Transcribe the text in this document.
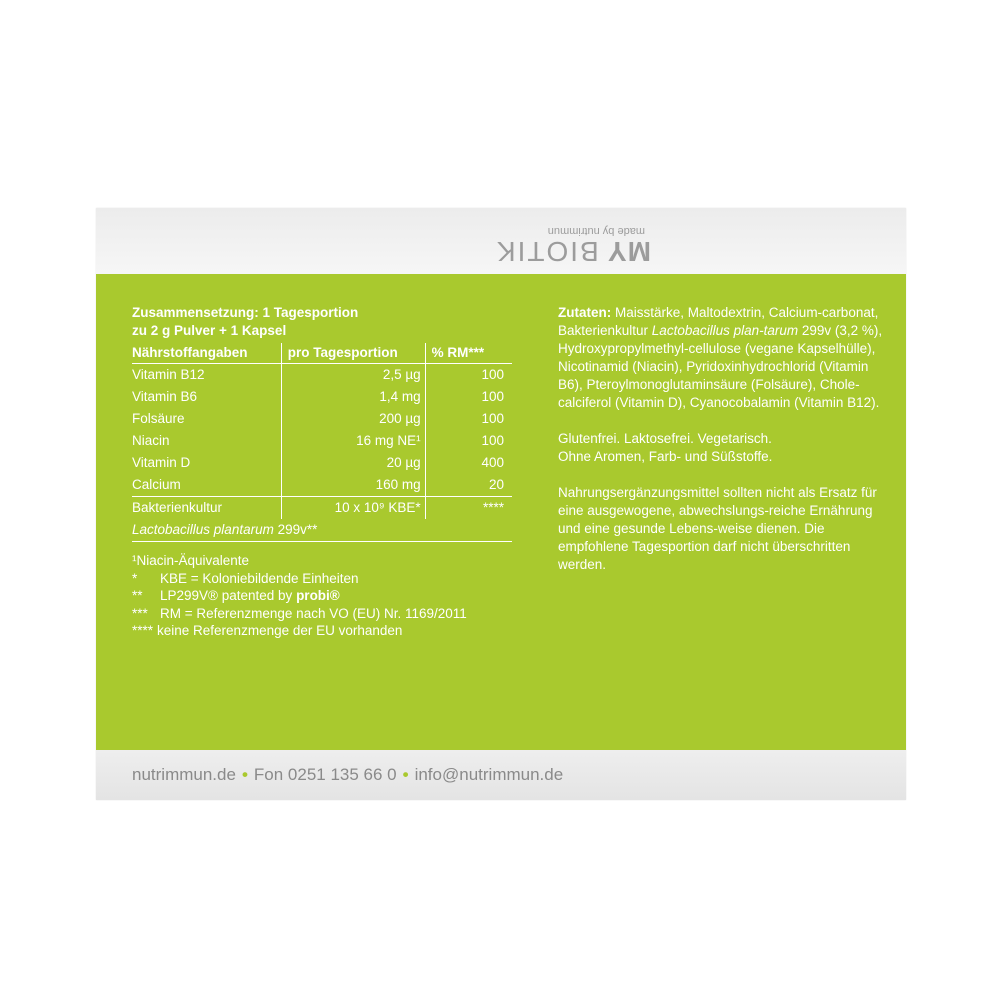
MY BIOTIK
made by nutrimmun
Zusammensetzung: 1 Tagesportion
zu 2 g Pulver + 1 Kapsel
Nährstoffangaben	pro Tagesportion	% RM***
Vitamin B12	2,5 µg	100
Vitamin B6	1,4 mg	100
Folsäure	200 µg	100
Niacin	16 mg NE¹	100
Vitamin D	20 µg	400
Calcium	160 mg	20
Bakterienkultur	10 x 10⁹ KBE*	****
Lactobacillus plantarum 299v**		
¹ Niacin-Äquivalente
*	KBE = Koloniebildende Einheiten
**	LP299V® patented by probi®
*** RM = Referenzmenge nach VO (EU) Nr. 1169/2011
**** keine Referenzmenge der EU vorhanden

Zutaten: Maisstärke, Maltodextrin, Calcium-carbonat, Bakterienkultur Lactobacillus plan-tarum 299v (3,2 %), Hydroxypropylmethyl-cellulose (vegane Kapselhülle), Nicotinamid (Niacin), Pyridoxinhydrochlorid (Vitamin B6), Pteroylmonoglutaminsäure (Folsäure), Chole-calciferol (Vitamin D), Cyanocobalamin (Vitamin B12).

Glutenfrei. Laktosefrei. Vegetarisch.
Ohne Aromen, Farb- und Süßstoffe.

Nahrungsergänzungsmittel sollten nicht als Ersatz für eine ausgewogene, abwechslungs-reiche Ernährung und eine gesunde Lebens-weise dienen. Die empfohlene Tagesportion darf nicht überschritten werden.

nutrimmun.de • Fon 0251 135 66 0 • info@nutrimmun.de
